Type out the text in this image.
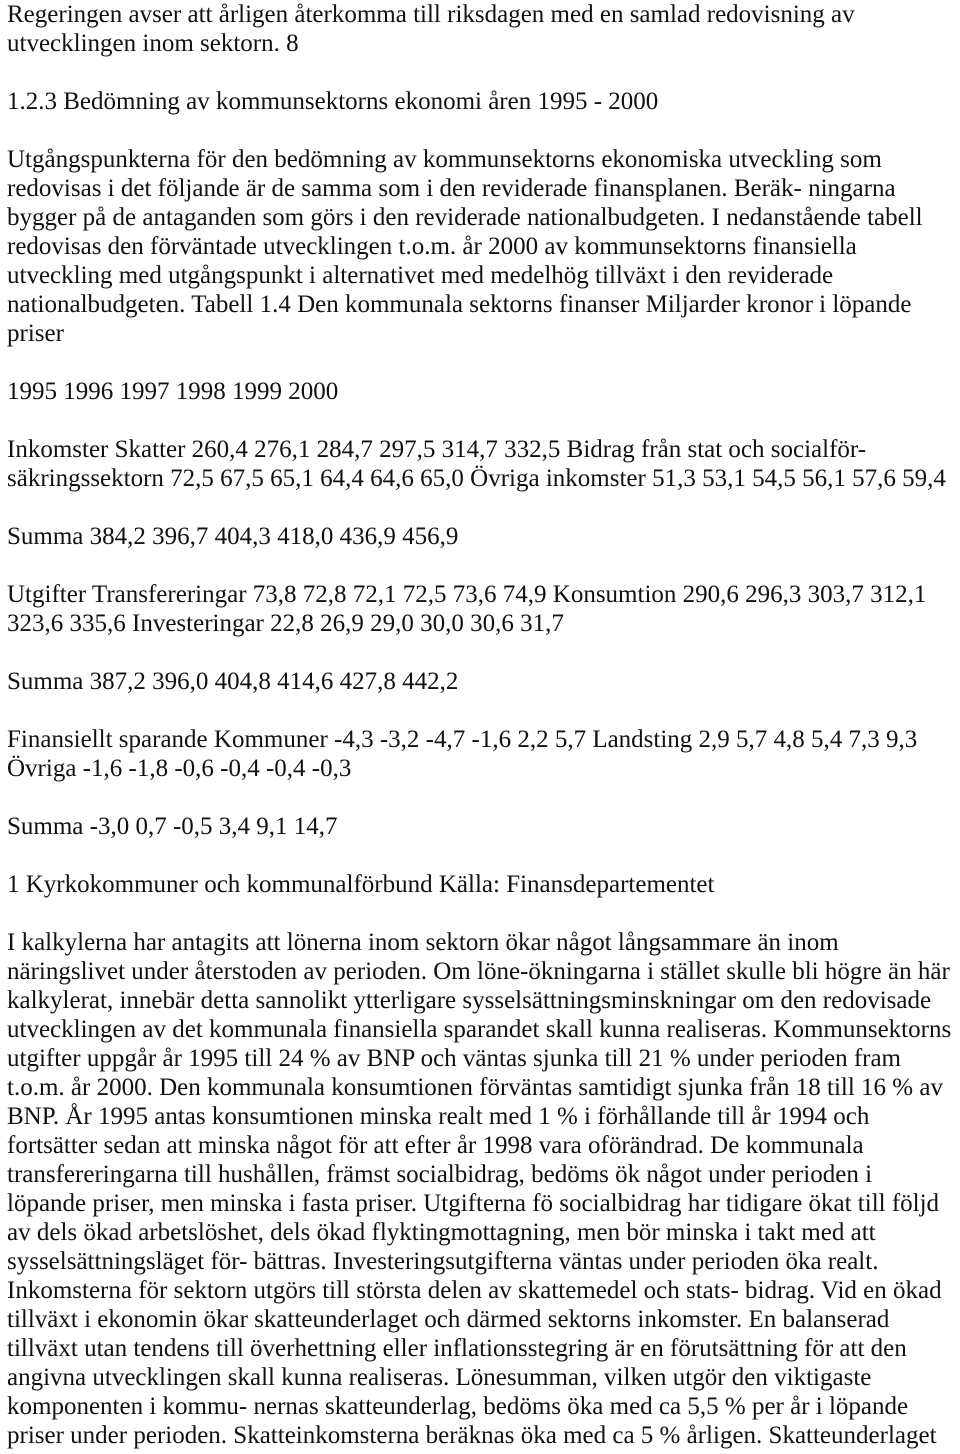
Regeringen avser att årligen återkomma till riksdagen med en samlad redovisning av
utvecklingen inom sektorn. 8
1.2.3 Bedömning av kommunsektorns ekonomi åren 1995 - 2000
Utgångspunkterna för den bedömning av kommunsektorns ekonomiska utveckling som
redovisas i det följande är de samma som i den reviderade finansplanen. Beräk- ningarna
bygger på de antaganden som görs i den reviderade nationalbudgeten. I nedanstående tabell
redovisas den förväntade utvecklingen t.o.m. år 2000 av kommunsektorns finansiella
utveckling med utgångspunkt i alternativet med medelhög tillväxt i den reviderade
nationalbudgeten. Tabell 1.4 Den kommunala sektorns finanser Miljarder kronor i löpande
priser
1995 1996 1997 1998 1999 2000
Inkomster Skatter 260,4 276,1 284,7 297,5 314,7 332,5 Bidrag från stat och socialför-
säkringssektorn 72,5 67,5 65,1 64,4 64,6 65,0 Övriga inkomster 51,3 53,1 54,5 56,1 57,6 59,4
Summa 384,2 396,7 404,3 418,0 436,9 456,9
Utgifter Transfereringar 73,8 72,8 72,1 72,5 73,6 74,9 Konsumtion 290,6 296,3 303,7 312,1
323,6 335,6 Investeringar 22,8 26,9 29,0 30,0 30,6 31,7
Summa 387,2 396,0 404,8 414,6 427,8 442,2
Finansiellt sparande Kommuner -4,3 -3,2 -4,7 -1,6 2,2 5,7 Landsting 2,9 5,7 4,8 5,4 7,3 9,3
Övriga -1,6 -1,8 -0,6 -0,4 -0,4 -0,3
Summa -3,0 0,7 -0,5 3,4 9,1 14,7
1 Kyrkokommuner och kommunalförbund Källa: Finansdepartementet
I kalkylerna har antagits att lönerna inom sektorn ökar något långsammare än inom
näringslivet under återstoden av perioden. Om löne-ökningarna i stället skulle bli högre än här
kalkylerat, innebär detta sannolikt ytterligare sysselsättningsminskningar om den redovisade
utvecklingen av det kommunala finansiella sparandet skall kunna realiseras. Kommunsektorns
utgifter uppgår år 1995 till 24 % av BNP och väntas sjunka till 21 % under perioden fram
t.o.m. år 2000. Den kommunala konsumtionen förväntas samtidigt sjunka från 18 till 16 % av
BNP. År 1995 antas konsumtionen minska realt med 1 % i förhållande till år 1994 och
fortsätter sedan att minska något för att efter år 1998 vara oförändrad. De kommunala
transfereringarna till hushållen, främst socialbidrag, bedöms ök något under perioden i
löpande priser, men minska i fasta priser. Utgifterna fö socialbidrag har tidigare ökat till följd
av dels ökad arbetslöshet, dels ökad flyktingmottagning, men bör minska i takt med att
sysselsättningsläget för- bättras. Investeringsutgifterna väntas under perioden öka realt.
Inkomsterna för sektorn utgörs till största delen av skattemedel och stats- bidrag. Vid en ökad
tillväxt i ekonomin ökar skatteunderlaget och därmed sektorns inkomster. En balanserad
tillväxt utan tendens till överhettning eller inflationsstegring är en förutsättning för att den
angivna utvecklingen skall kunna realiseras. Lönesumman, vilken utgör den viktigaste
komponenten i kommu- nernas skatteunderlag, bedöms öka med ca 5,5 % per år i löpande
priser under perioden. Skatteinkomsterna beräknas öka med ca 5 % årligen. Skatteunderlaget
